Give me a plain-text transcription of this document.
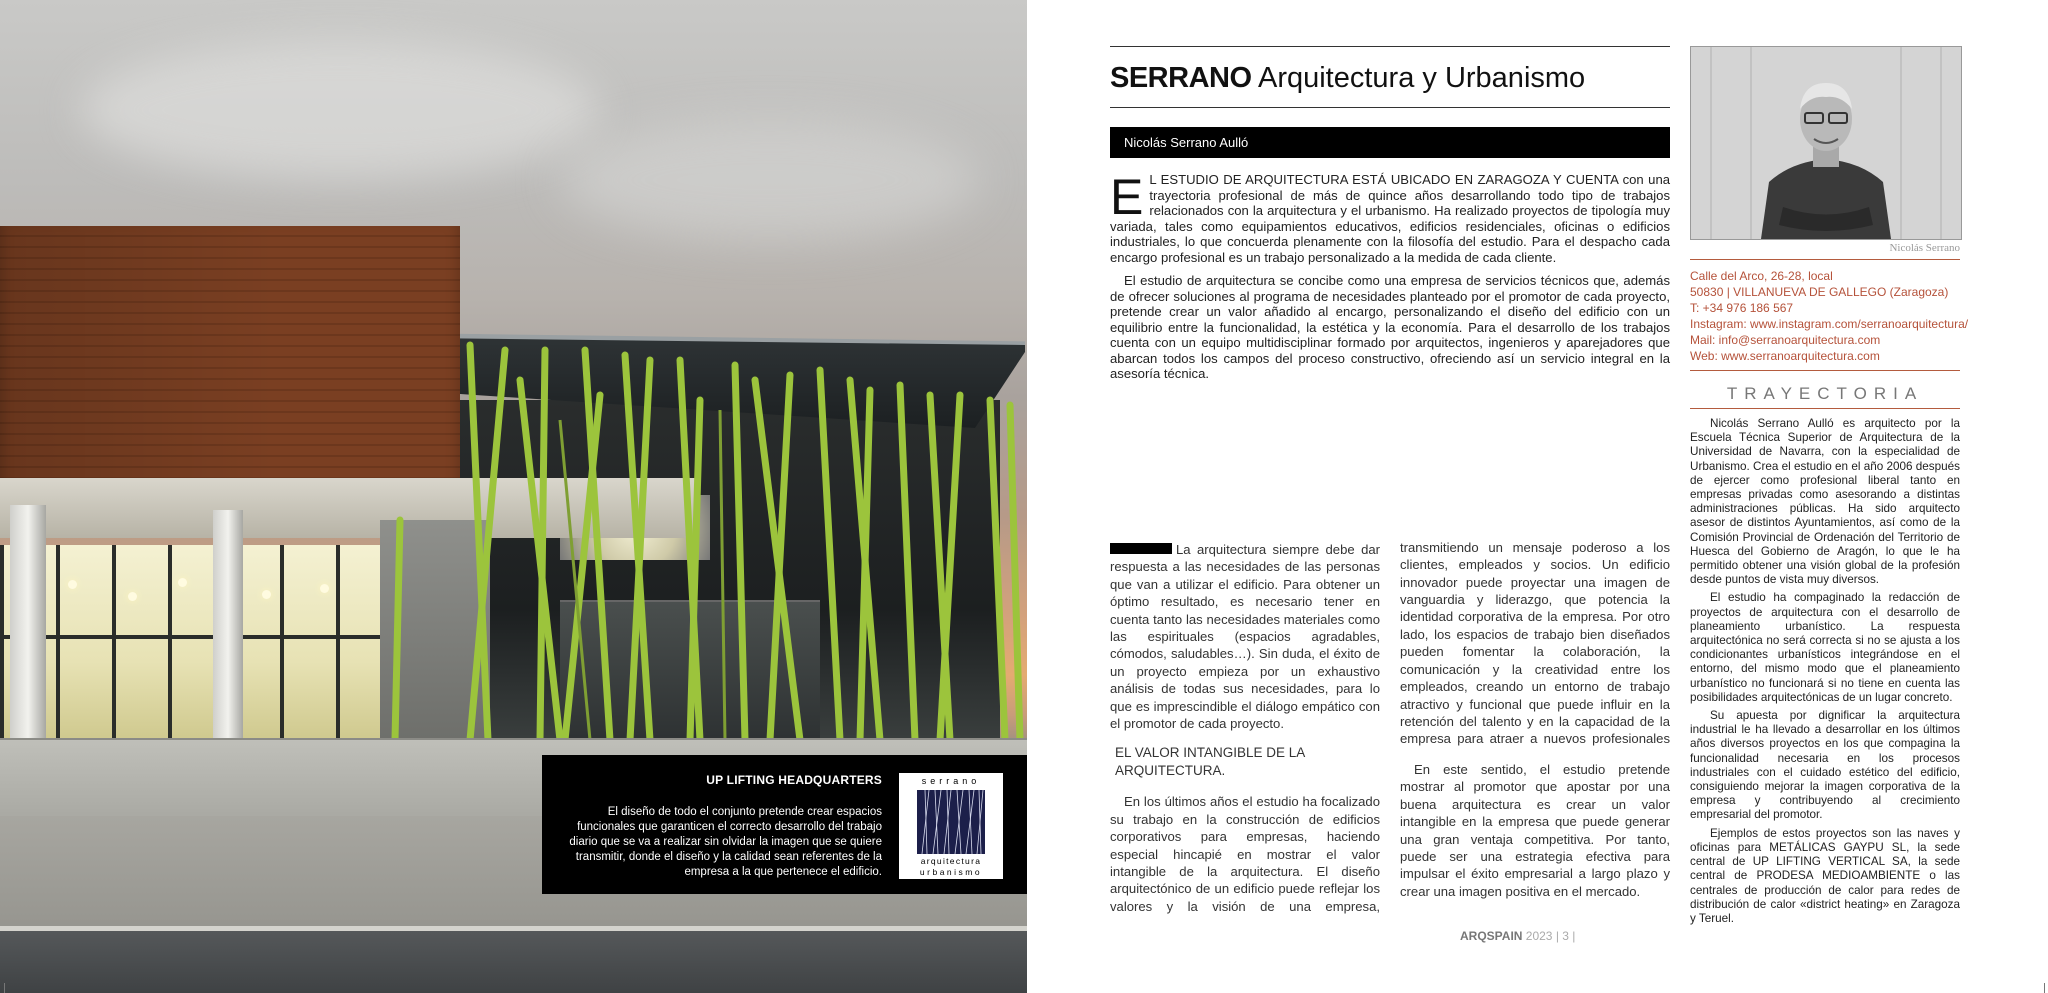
UP LIFTING HEADQUARTERS
El diseño de todo el conjunto pretende crear espacios funcionales que garanticen el correcto desarrollo del trabajo diario que se va a realizar sin olvidar la imagen que se quiere transmitir, donde el diseño y la calidad sean referentes de la empresa a la que pertenece el edificio.
serrano
arquitectura
urbanismo
SERRANO Arquitectura y Urbanismo
Nicolás Serrano Aulló

EL ESTUDIO DE ARQUITECTURA ESTÁ UBICADO EN ZARAGOZA Y CUENTA con una trayectoria profesional de más de quince años desarrollando todo tipo de trabajos relacionados con la arquitectura y el urbanismo. Ha realizado proyectos de tipología muy variada, tales como equipamientos educativos, edificios residenciales, oficinas o edificios industriales, lo que concuerda plenamente con la filosofía del estudio. Para el despacho cada encargo profesional es un trabajo personalizado a la medida de cada cliente.

El estudio de arquitectura se concibe como una empresa de servicios técnicos que, además de ofrecer soluciones al programa de necesidades planteado por el promotor de cada proyecto, pretende crear un valor añadido al encargo, personalizando el diseño del edificio con un equilibrio entre la funcionalidad, la estética y la economía. Para el desarrollo de los trabajos cuenta con un equipo multidisciplinar formado por arquitectos, ingenieros y aparejadores que abarcan todos los campos del proceso constructivo, ofreciendo así un servicio integral en la asesoría técnica.

La arquitectura siempre debe dar respuesta a las necesidades de las personas que van a utilizar el edificio. Para obtener un óptimo resultado, es necesario tener en cuenta tanto las necesidades materiales como las espirituales (espacios agradables, cómodos, saludables…). Sin duda, el éxito de un proyecto empieza por un exhaustivo análisis de todas sus necesidades, para lo que es imprescindible el diálogo empático con el promotor de cada proyecto.

EL VALOR INTANGIBLE DE LA ARQUITECTURA.

En los últimos años el estudio ha focalizado su trabajo en la construcción de edificios corporativos para empresas, haciendo especial hincapié en mostrar el valor intangible de la arquitectura. El diseño arquitectónico de un edificio puede reflejar los valores y la visión de una empresa,

transmitiendo un mensaje poderoso a los clientes, empleados y socios. Un edificio innovador puede proyectar una imagen de vanguardia y liderazgo, que potencia la identidad corporativa de la empresa. Por otro lado, los espacios de trabajo bien diseñados pueden fomentar la colaboración, la comunicación y la creatividad entre los empleados, creando un entorno de trabajo atractivo y funcional que puede influir en la retención del talento y en la capacidad de la empresa para atraer a nuevos profesionales

En este sentido, el estudio pretende mostrar al promotor que apostar por una buena arquitectura es crear un valor intangible en la empresa que puede generar una gran ventaja competitiva. Por tanto, puede ser una estrategia efectiva para impulsar el éxito empresarial a largo plazo y crear una imagen positiva en el mercado.

Nicolás Serrano
Calle del Arco, 26-28, local
50830 | VILLANUEVA DE GALLEGO (Zaragoza)
T: +34 976 186 567
Instagram: www.instagram.com/serranoarquitectura/
Mail: info@serranoarquitectura.com
Web: www.serranoarquitectura.com
TRAYECTORIA

Nicolás Serrano Aulló es arquitecto por la Escuela Técnica Superior de Arquitectura de la Universidad de Navarra, con la especialidad de Urbanismo. Crea el estudio en el año 2006 después de ejercer como profesional liberal tanto en empresas privadas como asesorando a distintas administraciones públicas. Ha sido arquitecto asesor de distintos Ayuntamientos, así como de la Comisión Provincial de Ordenación del Territorio de Huesca del Gobierno de Aragón, lo que le ha permitido obtener una visión global de la profesión desde puntos de vista muy diversos.

El estudio ha compaginado la redacción de proyectos de arquitectura con el desarrollo de planeamiento urbanístico. La respuesta arquitectónica no será correcta si no se ajusta a los condicionantes urbanísticos integrándose en el entorno, del mismo modo que el planeamiento urbanístico no funcionará si no tiene en cuenta las posibilidades arquitectónicas de un lugar concreto.

Su apuesta por dignificar la arquitectura industrial le ha llevado a desarrollar en los últimos años diversos proyectos en los que compagina la funcionalidad necesaria en los procesos industriales con el cuidado estético del edificio, consiguiendo mejorar la imagen corporativa de la empresa y contribuyendo al crecimiento empresarial del promotor.

Ejemplos de estos proyectos son las naves y oficinas para METÁLICAS GAYPU SL, la sede central de UP LIFTING VERTICAL SA, la sede central de PRODESA MEDIOAMBIENTE o las centrales de producción de calor para redes de distribución de calor «district heating» en Zaragoza y Teruel.

ARQSPAIN 2023 | 3 |
